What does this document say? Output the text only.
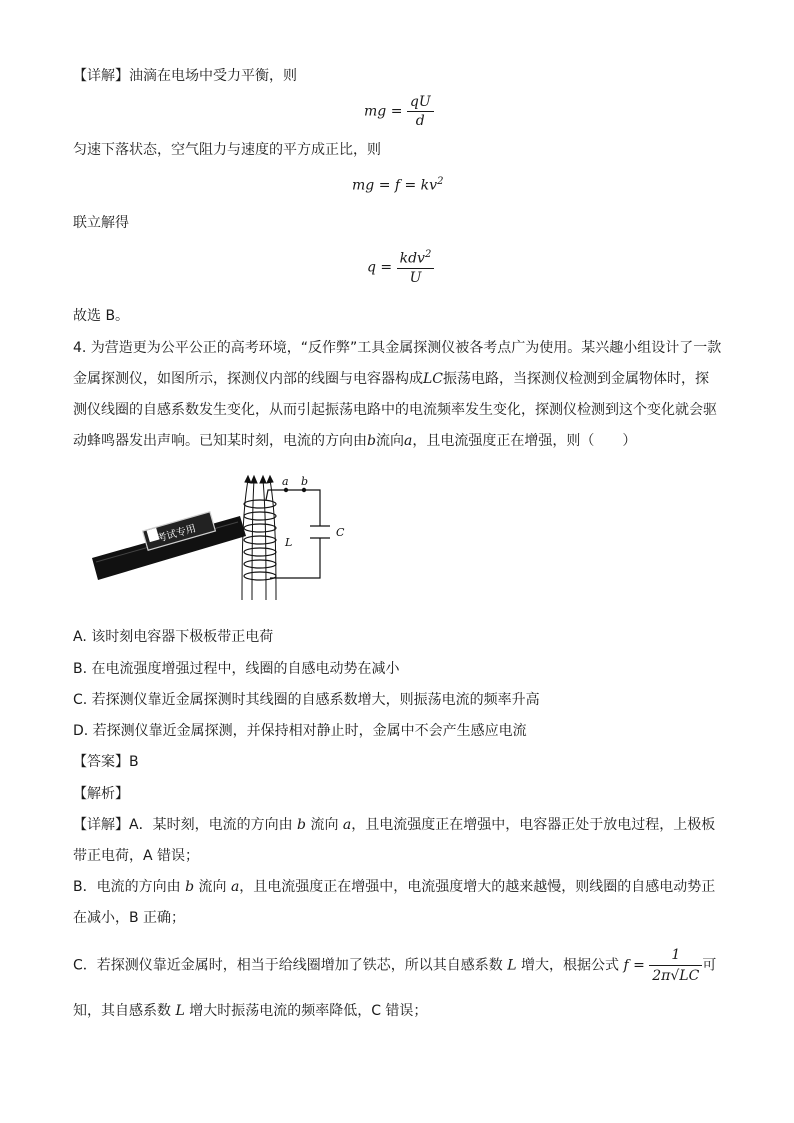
【详解】油滴在电场中受力平衡，则
mg = $\frac{qU}{d}$
匀速下落状态，空气阻力与速度的平方成正比，则
mg = $f = kv^2$
联立解得
$q = \frac{kdv^2}{U}$
故选 B。
4. 为营造更为公平公正的高考环境，“反作弊”工具金属探测仪被各考点广为使用。某兴趣小组设计了一款
金属探测仪，如图所示，探测仪内部的线圈与电容器构成LC振荡电路，当探测仪检测到金属物体时，探
测仪线圈的自感系数发生变化，从而引起振荡电路中的电流频率发生变化，探测仪检测到这个变化就会驱
动蜂鸣器发出声响。已知某时刻，电流的方向由b流向a，且电流强度正在增强，则（　　）
考试专用
a b
L
C
A. 该时刻电容器下极板带正电荷
B. 在电流强度增强过程中，线圈的自感电动势在减小
C. 若探测仪靠近金属探测时其线圈的自感系数增大，则振荡电流的频率升高
D. 若探测仪靠近金属探测，并保持相对静止时，金属中不会产生感应电流
【答案】B
【解析】
【详解】A．某时刻，电流的方向由 b 流向 a，且电流强度正在增强中，电容器正处于放电过程，上极板
带正电荷，A 错误；
B．电流的方向由 b 流向 a，且电流强度正在增强中，电流强度增大的越来越慢，则线圈的自感电动势正
在减小，B 正确；
C．若探测仪靠近金属时，相当于给线圈增加了铁芯，所以其自感系数 L 增大，根据公式 $f = \frac{1}{2\pi√LC}$ 可
知，其自感系数 L 增大时振荡电流的频率降低，C 错误；
